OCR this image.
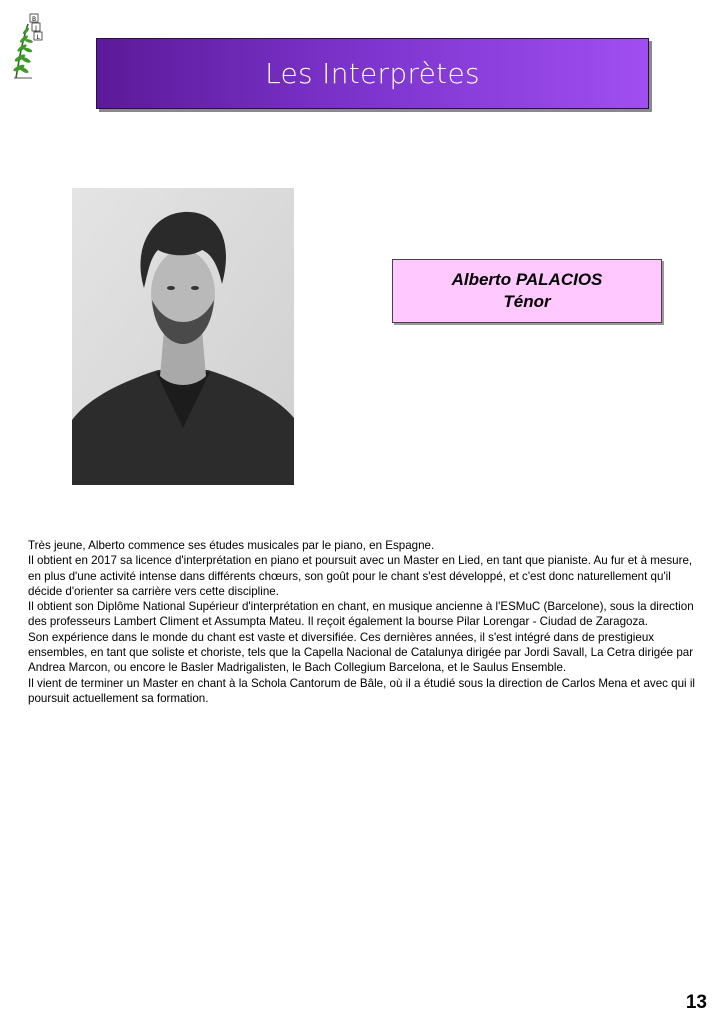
B
J
L
Les Interprètes
Alberto PALACIOS
Ténor

Très jeune, Alberto commence ses études musicales par le piano, en Espagne.

Il obtient en 2017 sa licence d'interprétation en piano et poursuit avec un Master en Lied, en tant que pianiste. Au fur et à mesure, en plus d'une activité intense dans différents chœurs, son goût pour le chant s'est développé, et c'est donc naturellement qu'il décide d'orienter sa carrière vers cette discipline.

Il obtient son Diplôme National Supérieur d'interprétation en chant, en musique ancienne à l'ESMuC (Barcelone), sous la direction des professeurs Lambert Climent et Assumpta Mateu. Il reçoit également la bourse Pilar Lorengar - Ciudad de Zaragoza.

Son expérience dans le monde du chant est vaste et diversifiée. Ces dernières années, il s'est intégré dans de prestigieux ensembles, en tant que soliste et choriste, tels que la Capella Nacional de Catalunya dirigée par Jordi Savall, La Cetra dirigée par Andrea Marcon, ou encore le Basler Madrigalisten, le Bach Collegium Barcelona, et le Saulus Ensemble.

Il vient de terminer un Master en chant à la Schola Cantorum de Bâle, où il a étudié sous la direction de Carlos Mena et avec qui il poursuit actuellement sa formation.

13
